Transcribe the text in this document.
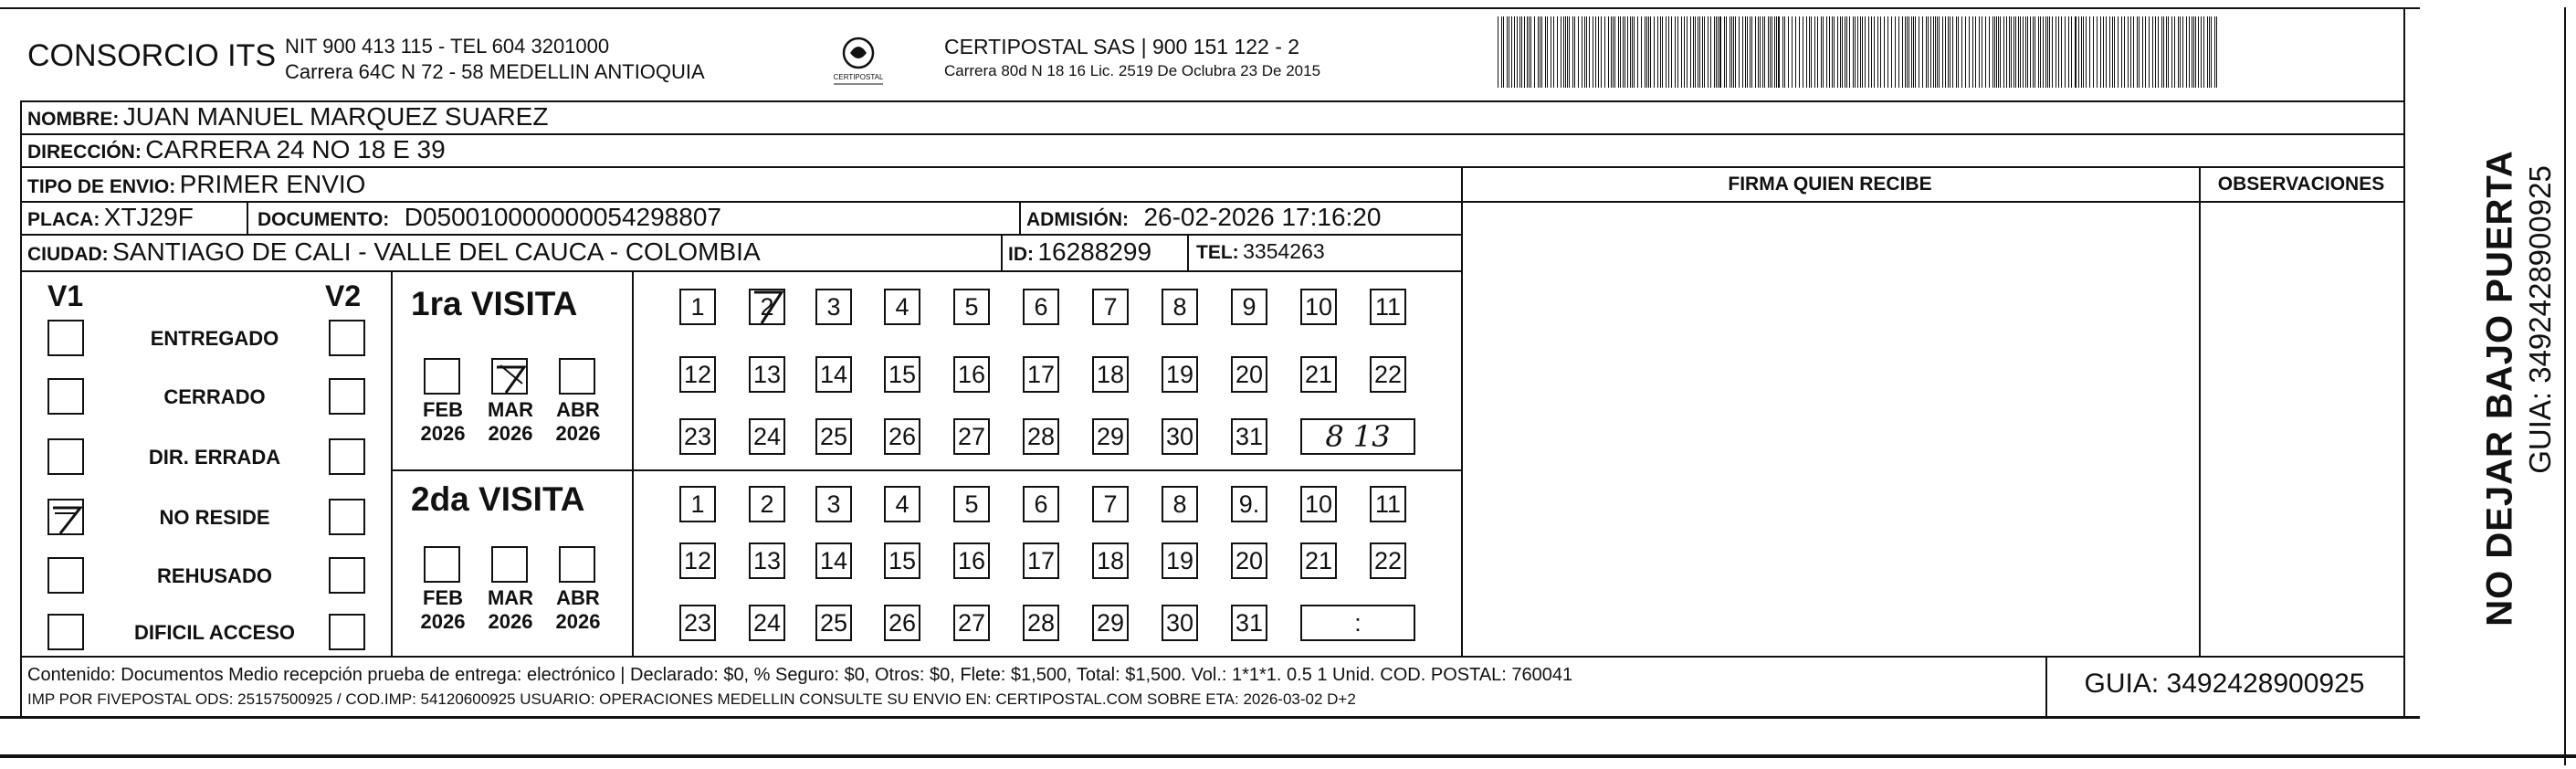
CONSORCIO ITS NIT 900 413 115 - TEL 604 3201000
Carrera 64C N 72 - 58 MEDELLIN ANTIOQUIA	CERTIPOSTAL
CERTIPOSTAL SAS | 900 151 122 - 2
Carrera 80d N 18 16 Lic. 2519 De Oclubra 23 De 2015
NOMBRE: JUAN MANUEL MARQUEZ SUAREZ
DIRECCIÓN: CARRERA 24 NO 18 E 39
TIPO DE ENVIO: PRIMER ENVIO
PLACA: XTJ29F	DOCUMENTO: D050010000000054298807	ADMISIÓN: 26-02-2026 17:16:20
CIUDAD: SANTIAGO DE CALI - VALLE DEL CAUCA - COLOMBIA	ID: 16288299 TEL: 3354263
FIRMA QUIEN RECIBE	OBSERVACIONES
V1	V2
ENTREGADO
CERRADO
DIR. ERRADA
NO RESIDE
REHUSADO
DIFICIL ACCESO
1ra VISITA
FEB
2026
MAR
2026
ABR
2026
1 2 3 4 5 6 7 8 9 10 11
12 13 14 15 16 17 18 19 20 21 22
23 24 25 26 27 28 29 30 31 8 13
2da VISITA
FEB
2026
MAR
2026
ABR
2026
1 2 3 4 5 6 7 8 9. 10 11
12 13 14 15 16 17 18 19 20 21 22
23 24 25 26 27 28 29 30 31	:
Contenido: Documentos Medio recepción prueba de entrega: electrónico | Declarado: $0, % Seguro: $0, Otros: $0, Flete: $1,500, Total: $1,500. Vol.: 1*1*1. 0.5 1 Unid. COD. POSTAL: 760041
IMP POR FIVEPOSTAL ODS: 25157500925 / COD.IMP: 54120600925 USUARIO: OPERACIONES MEDELLIN CONSULTE SU ENVIO EN: CERTIPOSTAL.COM SOBRE ETA: 2026-03-02 D+2
GUIA: 3492428900925
NO DEJAR BAJO PUERTA GUIA: 3492428900925
